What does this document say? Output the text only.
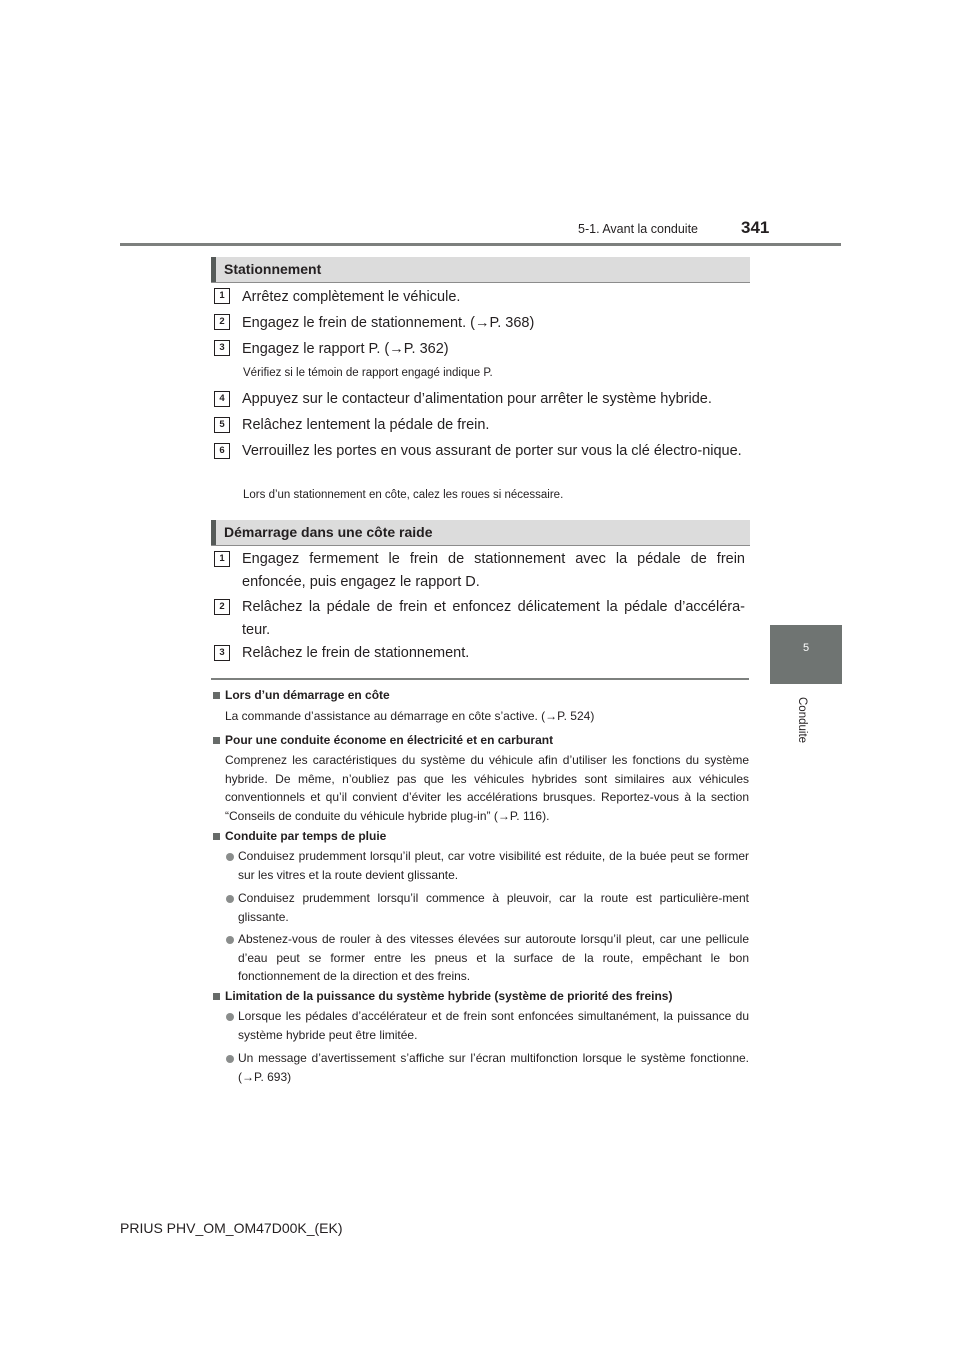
5-1. Avant la conduite	341
5
Conduite
Stationnement
1	Arrêtez complètement le véhicule.
2	Engagez le frein de stationnement. (→P. 368)
3	Engagez le rapport P. (→P. 362)
Vérifiez si le témoin de rapport engagé indique P.
4	Appuyez sur le contacteur d’alimentation pour arrêter le système hybride.
5	Relâchez lentement la pédale de frein.
6	Verrouillez les portes en vous assurant de porter sur vous la clé électro-nique.
Lors d’un stationnement en côte, calez les roues si nécessaire.
Démarrage dans une côte raide
1	Engagez fermement le frein de stationnement avec la pédale de frein enfoncée, puis engagez le rapport D.
2	Relâchez la pédale de frein et enfoncez délicatement la pédale d’accéléra-teur.
3	Relâchez le frein de stationnement.
Lors d’un démarrage en côte
La commande d’assistance au démarrage en côte s’active. (→P. 524)
Pour une conduite économe en électricité et en carburant
Comprenez les caractéristiques du système du véhicule afin d’utiliser les fonctions du système hybride. De même, n’oubliez pas que les véhicules hybrides sont similaires aux véhicules conventionnels et qu’il convient d’éviter les accélérations brusques. Reportez-vous à la section “Conseils de conduite du véhicule hybride plug-in” (→P. 116).
Conduite par temps de pluie
Conduisez prudemment lorsqu’il pleut, car votre visibilité est réduite, de la buée peut se former sur les vitres et la route devient glissante.
Conduisez prudemment lorsqu’il commence à pleuvoir, car la route est particulière-ment glissante.
Abstenez-vous de rouler à des vitesses élevées sur autoroute lorsqu’il pleut, car une pellicule d’eau peut se former entre les pneus et la surface de la route, empêchant le bon fonctionnement de la direction et des freins.
Limitation de la puissance du système hybride (système de priorité des freins)
Lorsque les pédales d’accélérateur et de frein sont enfoncées simultanément, la puissance du système hybride peut être limitée.
Un message d’avertissement s’affiche sur l’écran multifonction lorsque le système fonctionne. (→P. 693)
PRIUS PHV_OM_OM47D00K_(EK)
